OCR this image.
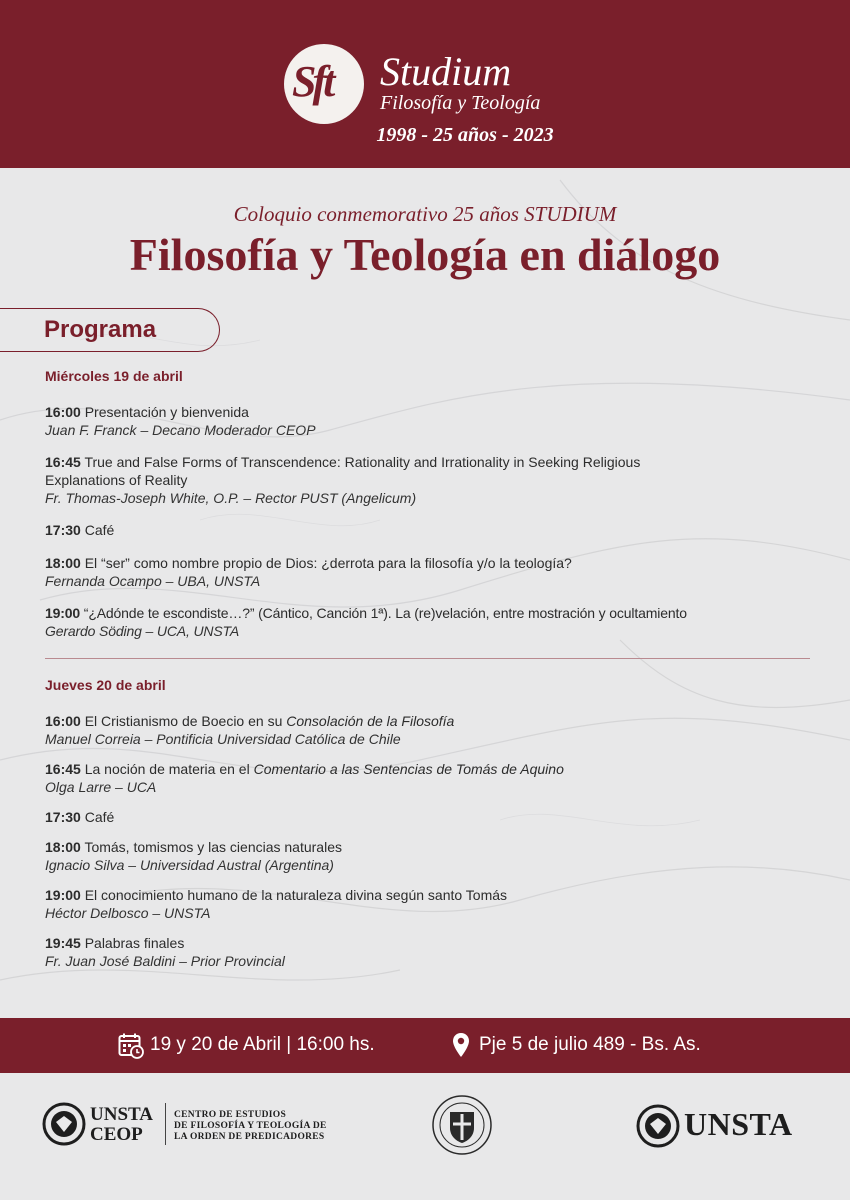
Sft Studium
Filosofía y Teología
1998 - 25 años - 2023
Coloquio conmemorativo 25 años STUDIUM
Filosofía y Teología en diálogo
Programa
Miércoles 19 de abril
16:00 Presentación y bienvenida
Juan F. Franck – Decano Moderador CEOP
16:45 True and False Forms of Transcendence: Rationality and Irrationality in Seeking Religious
Explanations of Reality
Fr. Thomas-Joseph White, O.P. – Rector PUST (Angelicum)
17:30 Café
18:00 El “ser” como nombre propio de Dios: ¿derrota para la filosofía y/o la teología?
Fernanda Ocampo – UBA, UNSTA
19:00 “¿Adónde te escondiste…?” (Cántico, Canción 1ª). La (re)velación, entre mostración y ocultamiento
Gerardo Söding – UCA, UNSTA
Jueves 20 de abril
16:00 El Cristianismo de Boecio en su Consolación de la Filosofía
Manuel Correia – Pontificia Universidad Católica de Chile
16:45 La noción de materia en el Comentario a las Sentencias de Tomás de Aquino
Olga Larre – UCA
17:30 Café
18:00 Tomás, tomismos y las ciencias naturales
Ignacio Silva – Universidad Austral (Argentina)
19:00 El conocimiento humano de la naturaleza divina según santo Tomás
Héctor Delbosco – UNSTA
19:45 Palabras finales
Fr. Juan José Baldini – Prior Provincial
19 y 20 de Abril | 16:00 hs.	Pje 5 de julio 489 - Bs. As.
UNSTA
CEOP
CENTRO DE ESTUDIOS
DE FILOSOFÍA Y TEOLOGÍA DE
LA ORDEN DE PREDICADORES	UNSTA
